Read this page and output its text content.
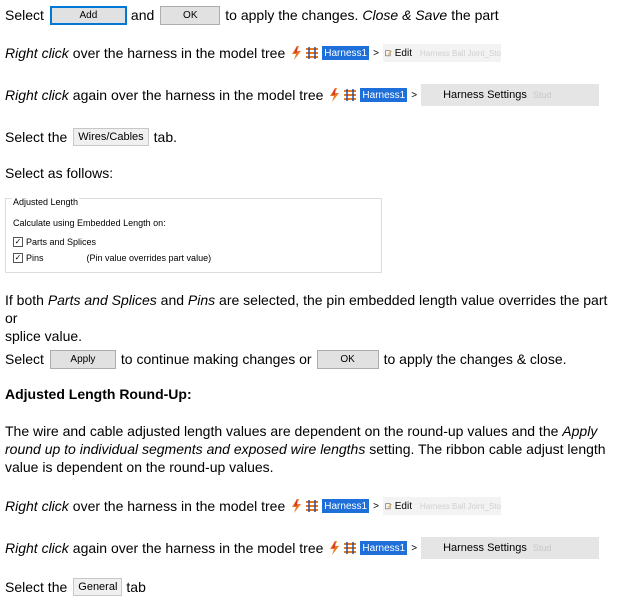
Select	Add	and	OK	to apply the changes. Close & Save the part
Right click over the harness in the model tree	Harness1 > Edit Harness Ball Joint_Sto
Right click again over the harness in the model tree	Harness1 > Harness Settings Stud
Select the	Wires/Cables tab.
Select as follows:
Adjusted Length
Calculate using Embedded Length on:
✓ Parts and Splices
✓ Pins	(Pin value overrides part value)
If both Parts and Splices and Pins are selected, the pin embedded length value overrides the part or
splice value.
Select	Apply	to continue making changes or	OK	to apply the changes & close.
Adjusted Length Round-Up:
The wire and cable adjusted length values are dependent on the round-up values and the Apply
round up to individual segments and exposed wire lengths setting. The ribbon cable adjust length
value is dependent on the round-up values.
Right click over the harness in the model tree	Harness1 > Edit Harness Ball Joint_Sto
Right click again over the harness in the model tree	Harness1 > Harness Settings Stud
Select the	General tab
